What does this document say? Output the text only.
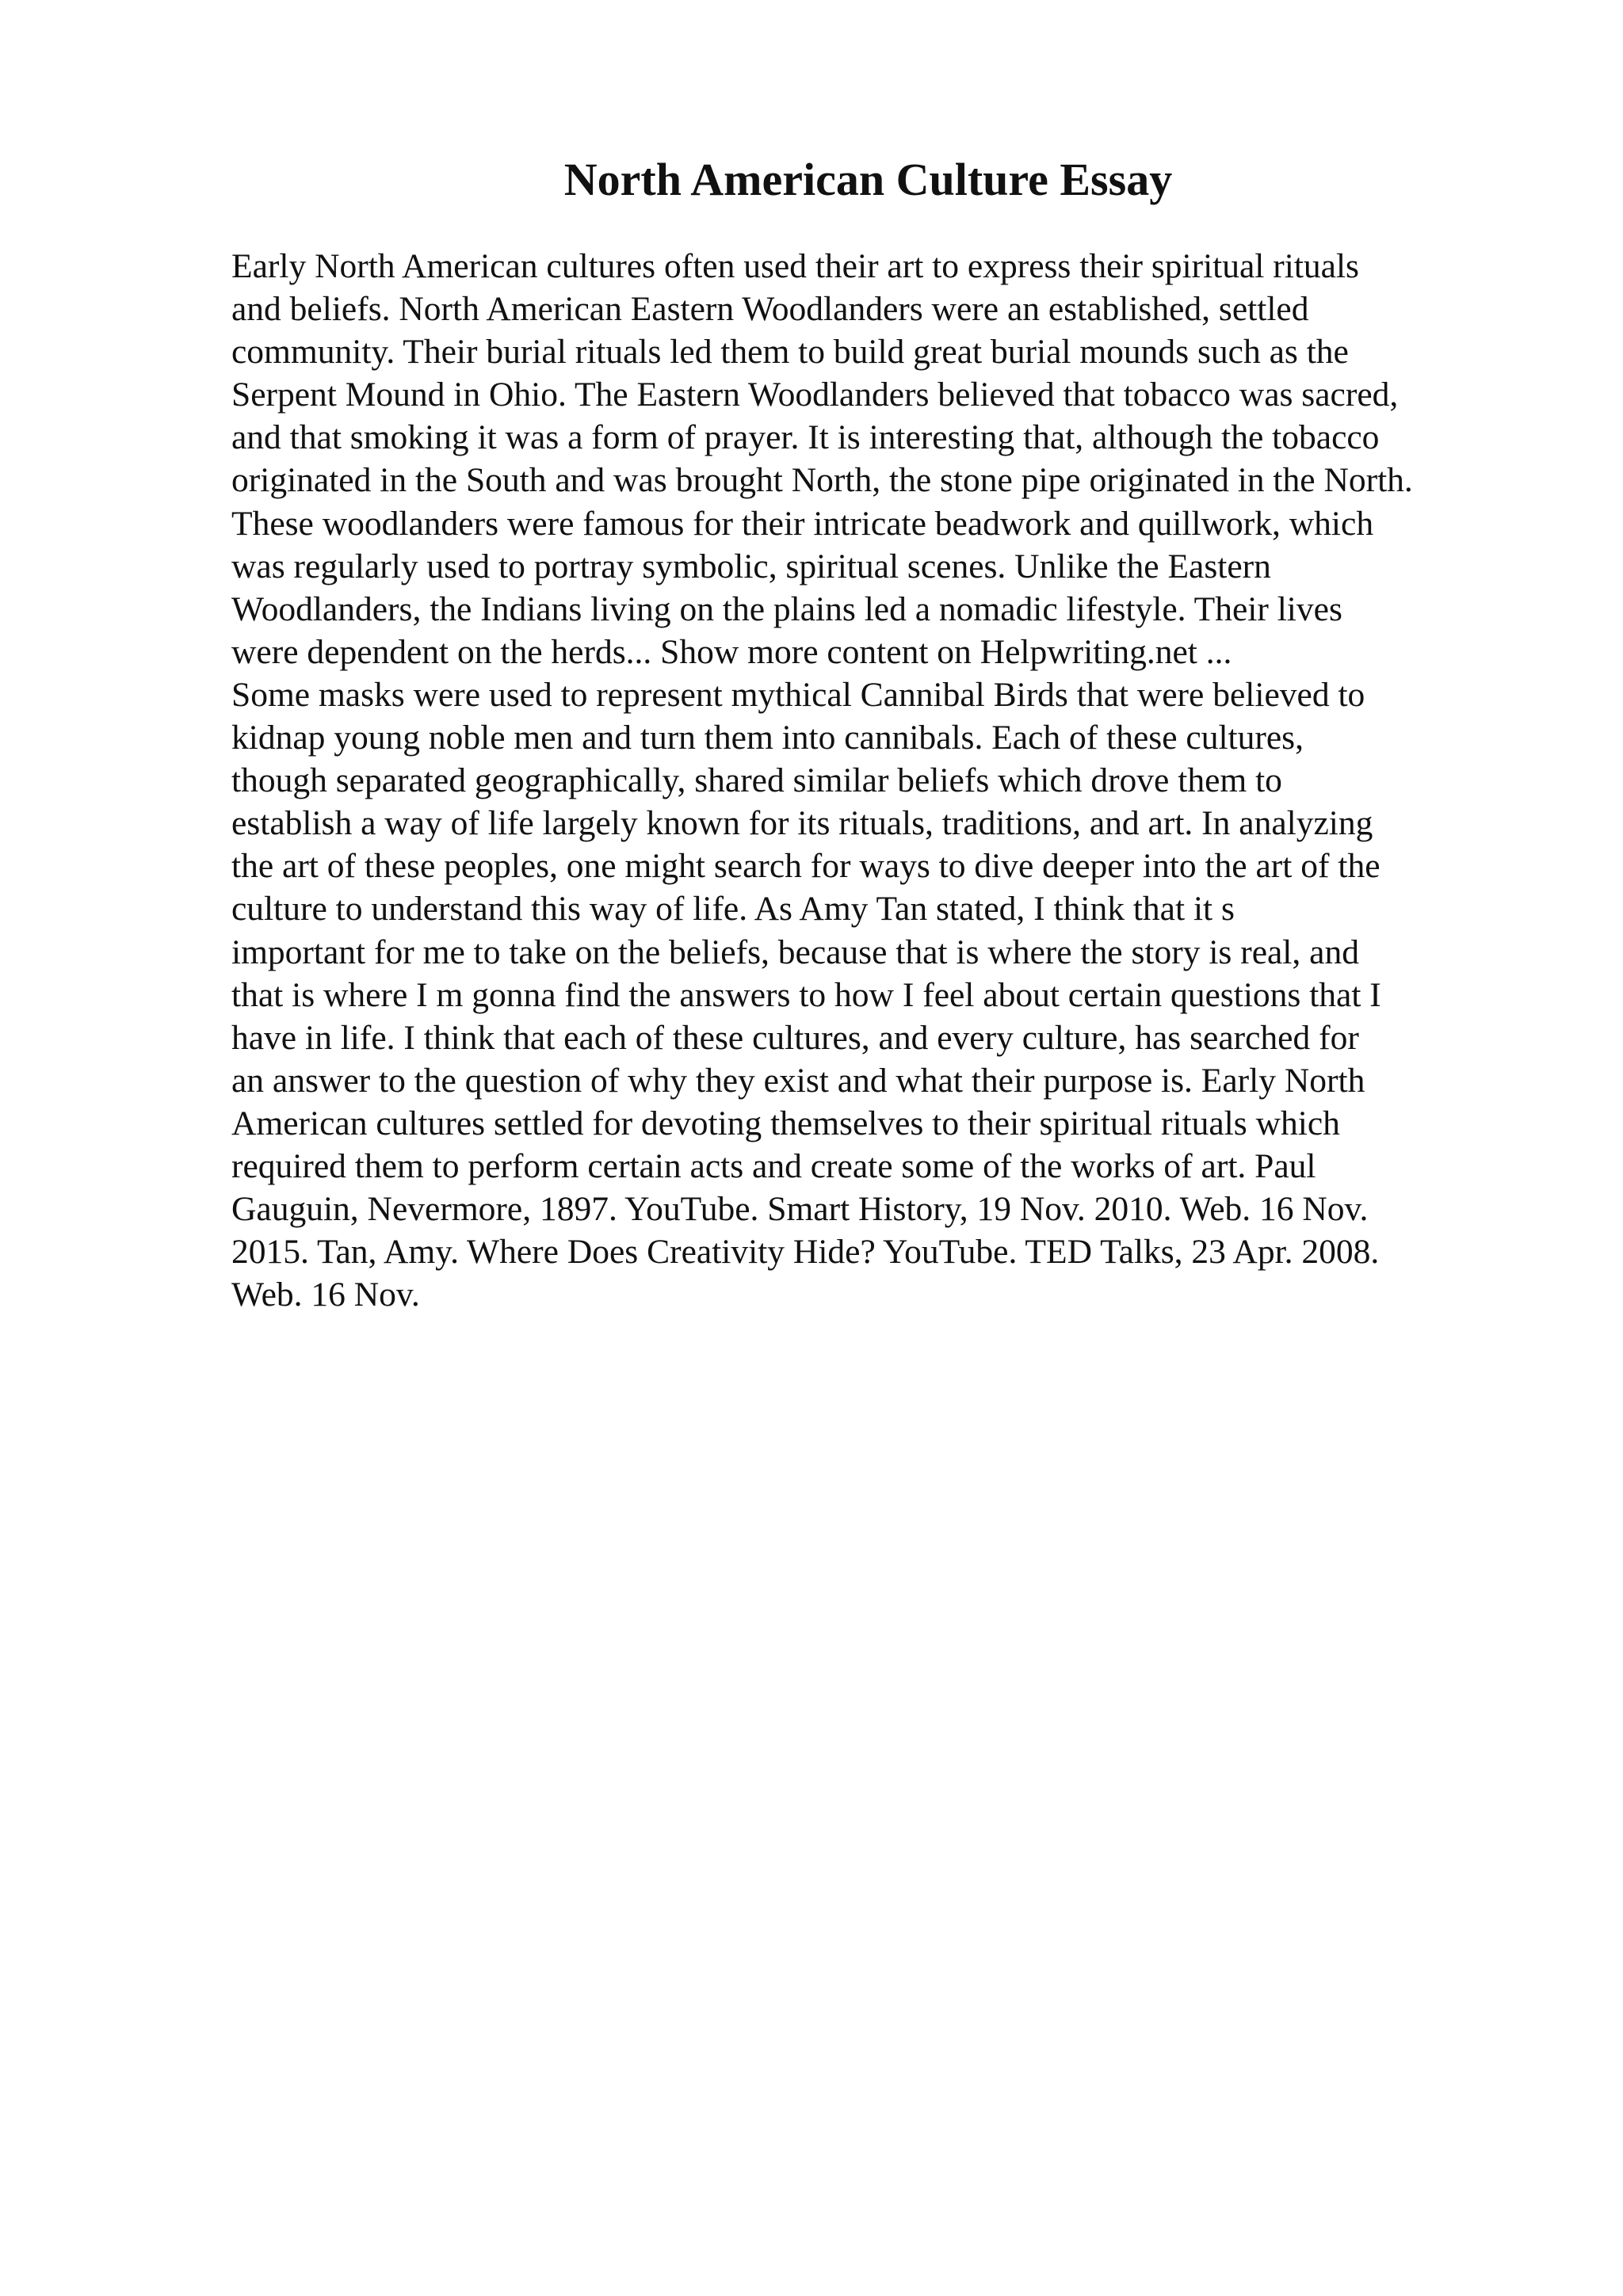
North American Culture Essay
Early North American cultures often used their art to express their spiritual rituals
and beliefs. North American Eastern Woodlanders were an established, settled
community. Their burial rituals led them to build great burial mounds such as the
Serpent Mound in Ohio. The Eastern Woodlanders believed that tobacco was sacred,
and that smoking it was a form of prayer. It is interesting that, although the tobacco
originated in the South and was brought North, the stone pipe originated in the North.
These woodlanders were famous for their intricate beadwork and quillwork, which
was regularly used to portray symbolic, spiritual scenes. Unlike the Eastern
Woodlanders, the Indians living on the plains led a nomadic lifestyle. Their lives
were dependent on the herds... Show more content on Helpwriting.net ...
Some masks were used to represent mythical Cannibal Birds that were believed to
kidnap young noble men and turn them into cannibals. Each of these cultures,
though separated geographically, shared similar beliefs which drove them to
establish a way of life largely known for its rituals, traditions, and art. In analyzing
the art of these peoples, one might search for ways to dive deeper into the art of the
culture to understand this way of life. As Amy Tan stated, I think that it s
important for me to take on the beliefs, because that is where the story is real, and
that is where I m gonna find the answers to how I feel about certain questions that I
have in life. I think that each of these cultures, and every culture, has searched for
an answer to the question of why they exist and what their purpose is. Early North
American cultures settled for devoting themselves to their spiritual rituals which
required them to perform certain acts and create some of the works of art. Paul
Gauguin, Nevermore, 1897. YouTube. Smart History, 19 Nov. 2010. Web. 16 Nov.
2015. Tan, Amy. Where Does Creativity Hide? YouTube. TED Talks, 23 Apr. 2008.
Web. 16 Nov.
